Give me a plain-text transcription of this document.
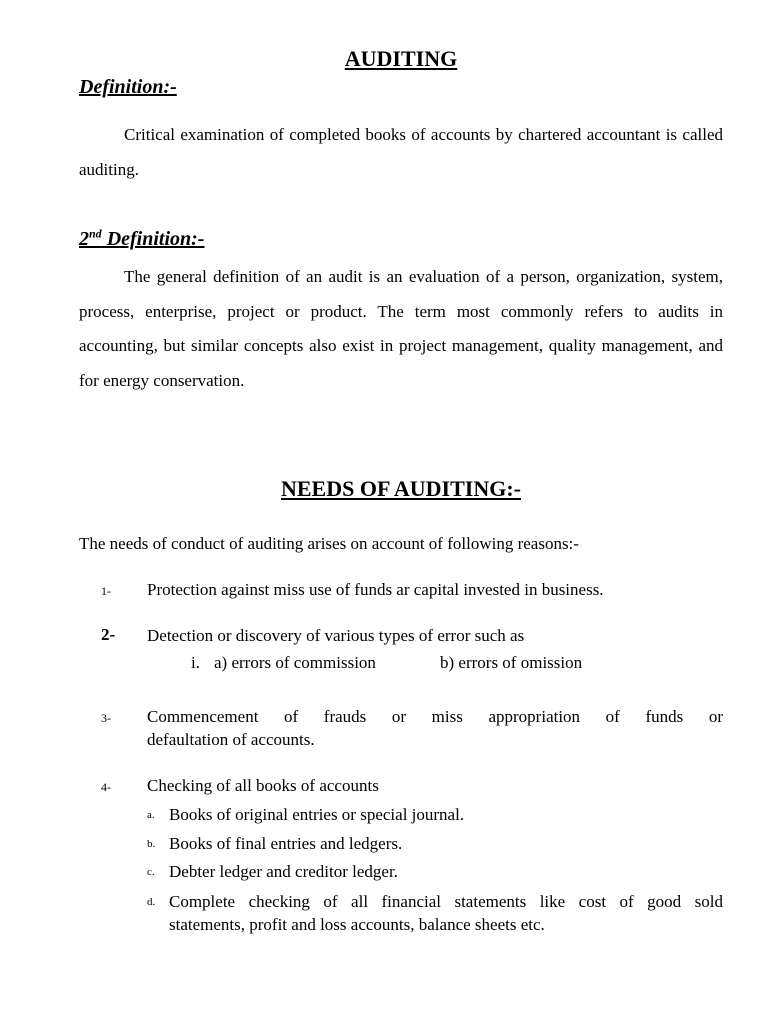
AUDITING
Definition:-
Critical examination of completed books of accounts by chartered accountant is called auditing.
2nd Definition:-
The general definition of an audit is an evaluation of a person, organization, system, process, enterprise, project or product. The term most commonly refers to audits in accounting, but similar concepts also exist in project management, quality management, and for energy conservation.
NEEDS OF AUDITING:-
The needs of conduct of auditing arises on account of following reasons:-
1- Protection against miss use of funds ar capital invested in business.
2- Detection or discovery of various types of error such as
i. a) errors of commission	b) errors of omission
3- Commencement of frauds or miss appropriation of funds or
defaultation of accounts.
4- Checking of all books of accounts
a. Books of original entries or special journal.
b. Books of final entries and ledgers.
c. Debter ledger and creditor ledger.
d. Complete checking of all financial statements like cost of good sold
statements, profit and loss accounts, balance sheets etc.
